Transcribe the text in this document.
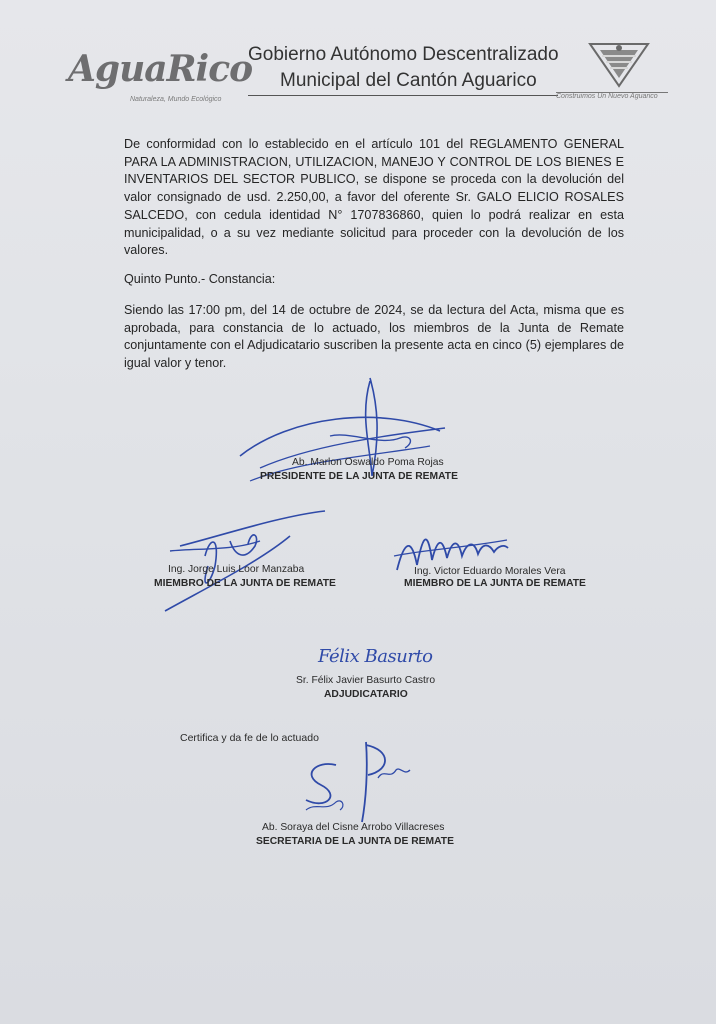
AguaRico
Naturaleza, Mundo Ecológico
Gobierno Autónomo Descentralizado
Municipal del Cantón Aguarico
Construimos Un Nuevo Aguarico
De conformidad con lo establecido en el artículo 101 del REGLAMENTO GENERAL PARA LA ADMINISTRACION, UTILIZACION, MANEJO Y CONTROL DE LOS BIENES E INVENTARIOS DEL SECTOR PUBLICO, se dispone se proceda con la devolución del valor consignado de usd. 2.250,00, a favor del oferente Sr. GALO ELICIO ROSALES SALCEDO, con cedula identidad N° 1707836860, quien lo podrá realizar en esta municipalidad, o a su vez mediante solicitud para proceder con la devolución de los valores.
Quinto Punto.- Constancia:
Siendo las 17:00 pm, del 14 de octubre de 2024, se da lectura del Acta, misma que es aprobada, para constancia de lo actuado, los miembros de la Junta de Remate conjuntamente con el Adjudicatario suscriben la presente acta en cinco (5) ejemplares de igual valor y tenor.
Ab. Marlon Oswaldo Poma Rojas
PRESIDENTE DE LA JUNTA DE REMATE
Ing. Jorge Luis Loor Manzaba
MIEMBRO DE LA JUNTA DE REMATE
Ing. Victor Eduardo Morales Vera
MIEMBRO DE LA JUNTA DE REMATE
Félix Basurto
Sr. Félix Javier Basurto Castro
ADJUDICATARIO
Certifica y da fe de lo actuado
Ab. Soraya del Cisne Arrobo Villacreses
SECRETARIA DE LA JUNTA DE REMATE
